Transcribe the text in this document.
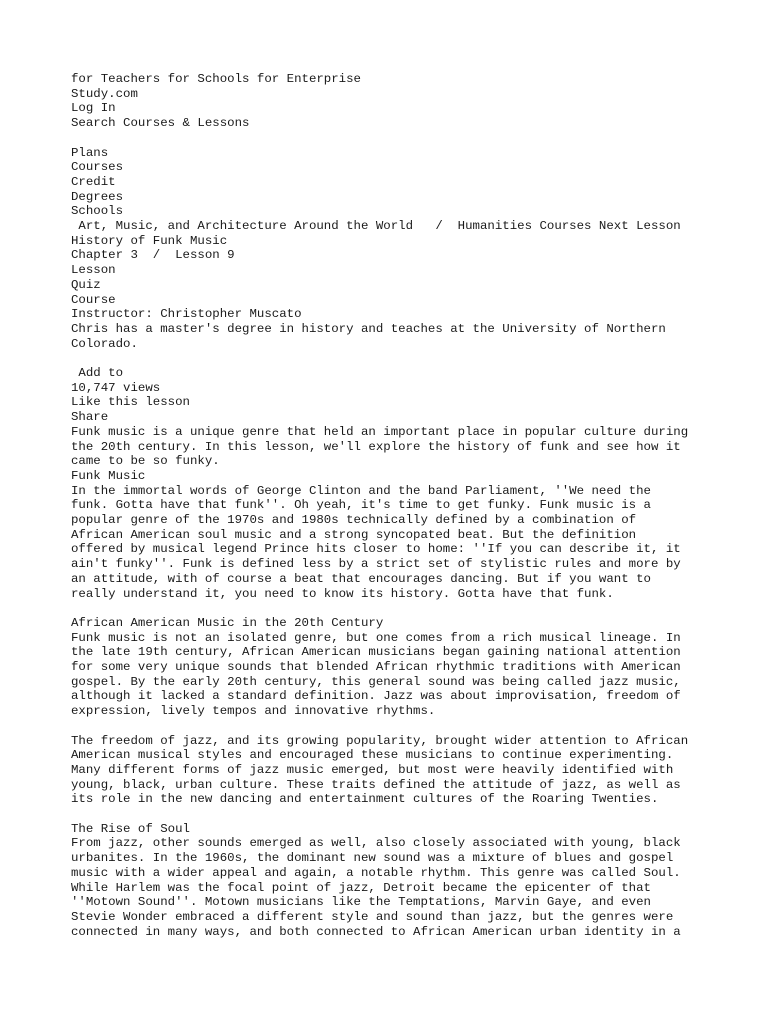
for Teachers for Schools for Enterprise
Study.com
Log In
Search Courses & Lessons
Plans
Courses
Credit
Degrees
Schools
Art, Music, and Architecture Around the World   /  Humanities Courses Next Lesson
History of Funk Music
Chapter 3  /  Lesson 9
Lesson
Quiz
Course
Instructor: Christopher Muscato
Chris has a master's degree in history and teaches at the University of Northern
Colorado.
Add to
10,747 views
Like this lesson
Share
Funk music is a unique genre that held an important place in popular culture during
the 20th century. In this lesson, we'll explore the history of funk and see how it
came to be so funky.
Funk Music
In the immortal words of George Clinton and the band Parliament, ''We need the
funk. Gotta have that funk''. Oh yeah, it's time to get funky. Funk music is a
popular genre of the 1970s and 1980s technically defined by a combination of
African American soul music and a strong syncopated beat. But the definition
offered by musical legend Prince hits closer to home: ''If you can describe it, it
ain't funky''. Funk is defined less by a strict set of stylistic rules and more by
an attitude, with of course a beat that encourages dancing. But if you want to
really understand it, you need to know its history. Gotta have that funk.
African American Music in the 20th Century
Funk music is not an isolated genre, but one comes from a rich musical lineage. In
the late 19th century, African American musicians began gaining national attention
for some very unique sounds that blended African rhythmic traditions with American
gospel. By the early 20th century, this general sound was being called jazz music,
although it lacked a standard definition. Jazz was about improvisation, freedom of
expression, lively tempos and innovative rhythms.
The freedom of jazz, and its growing popularity, brought wider attention to African
American musical styles and encouraged these musicians to continue experimenting.
Many different forms of jazz music emerged, but most were heavily identified with
young, black, urban culture. These traits defined the attitude of jazz, as well as
its role in the new dancing and entertainment cultures of the Roaring Twenties.
The Rise of Soul
From jazz, other sounds emerged as well, also closely associated with young, black
urbanites. In the 1960s, the dominant new sound was a mixture of blues and gospel
music with a wider appeal and again, a notable rhythm. This genre was called Soul.
While Harlem was the focal point of jazz, Detroit became the epicenter of that
''Motown Sound''. Motown musicians like the Temptations, Marvin Gaye, and even
Stevie Wonder embraced a different style and sound than jazz, but the genres were
connected in many ways, and both connected to African American urban identity in a
